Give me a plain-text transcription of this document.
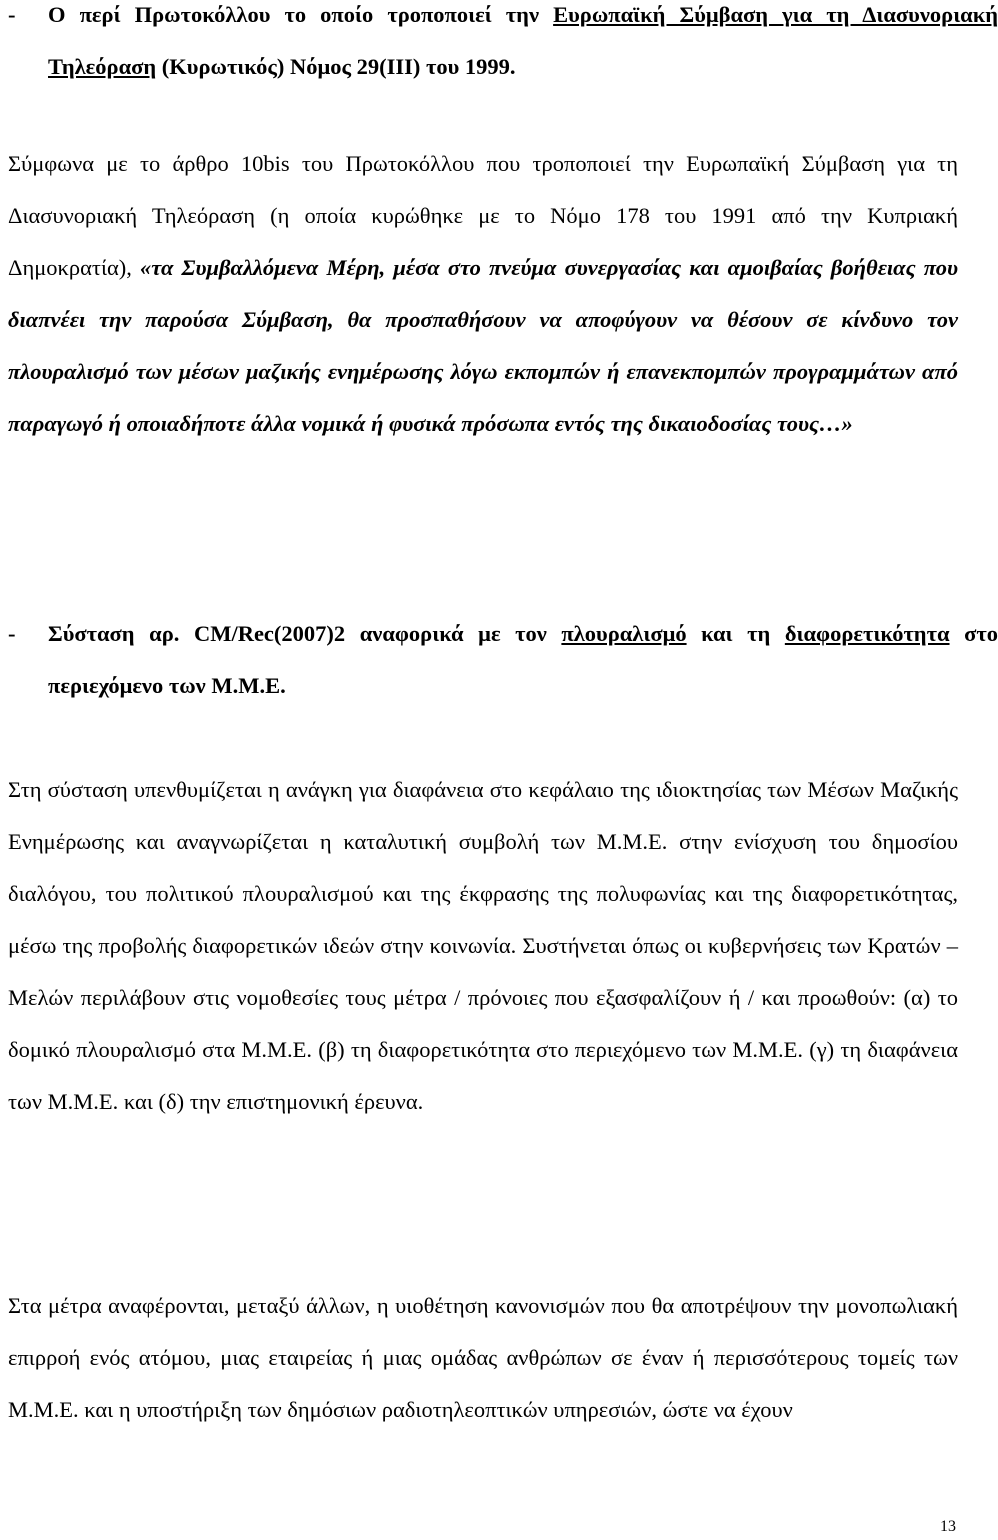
- Ο περί Πρωτοκόλλου το οποίο τροποποιεί την Ευρωπαϊκή Σύμβαση για τη Διασυνοριακή Τηλεόραση (Κυρωτικός) Νόμος 29(ΙΙΙ) του 1999.

Σύμφωνα με το άρθρο 10bis του Πρωτοκόλλου που τροποποιεί την Ευρωπαϊκή Σύμβαση για τη Διασυνοριακή Τηλεόραση (η οποία κυρώθηκε με το Νόμο 178 του 1991 από την Κυπριακή Δημοκρατία), «τα Συμβαλλόμενα Μέρη, μέσα στο πνεύμα συνεργασίας και αμοιβαίας βοήθειας που διαπνέει την παρούσα Σύμβαση, θα προσπαθήσουν να αποφύγουν να θέσουν σε κίνδυνο τον πλουραλισμό των μέσων μαζικής ενημέρωσης λόγω εκπομπών ή επανεκπομπών προγραμμάτων από παραγωγό ή οποιαδήποτε άλλα νομικά ή φυσικά πρόσωπα εντός της δικαιοδοσίας τους…»

- Σύσταση αρ. CM/Rec(2007)2 αναφορικά με τον πλουραλισμό και τη διαφορετικότητα στο περιεχόμενο των Μ.Μ.Ε.

Στη σύσταση υπενθυμίζεται η ανάγκη για διαφάνεια στο κεφάλαιο της ιδιοκτησίας των Μέσων Μαζικής Ενημέρωσης και αναγνωρίζεται η καταλυτική συμβολή των Μ.Μ.Ε. στην ενίσχυση του δημοσίου διαλόγου, του πολιτικού πλουραλισμού και της έκφρασης της πολυφωνίας και της διαφορετικότητας, μέσω της προβολής διαφορετικών ιδεών στην κοινωνία. Συστήνεται όπως οι κυβερνήσεις των Κρατών – Μελών περιλάβουν στις νομοθεσίες τους μέτρα / πρόνοιες που εξασφαλίζουν ή / και προωθούν: (α) το δομικό πλουραλισμό στα Μ.Μ.Ε. (β) τη διαφορετικότητα στο περιεχόμενο των Μ.Μ.Ε. (γ) τη διαφάνεια των Μ.Μ.Ε. και (δ) την επιστημονική έρευνα.

Στα μέτρα αναφέρονται, μεταξύ άλλων, η υιοθέτηση κανονισμών που θα αποτρέψουν την μονοπωλιακή επιρροή ενός ατόμου, μιας εταιρείας ή μιας ομάδας ανθρώπων σε έναν ή περισσότερους τομείς των Μ.Μ.Ε. και η υποστήριξη των δημόσιων ραδιοτηλεοπτικών υπηρεσιών, ώστε να έχουν

13
